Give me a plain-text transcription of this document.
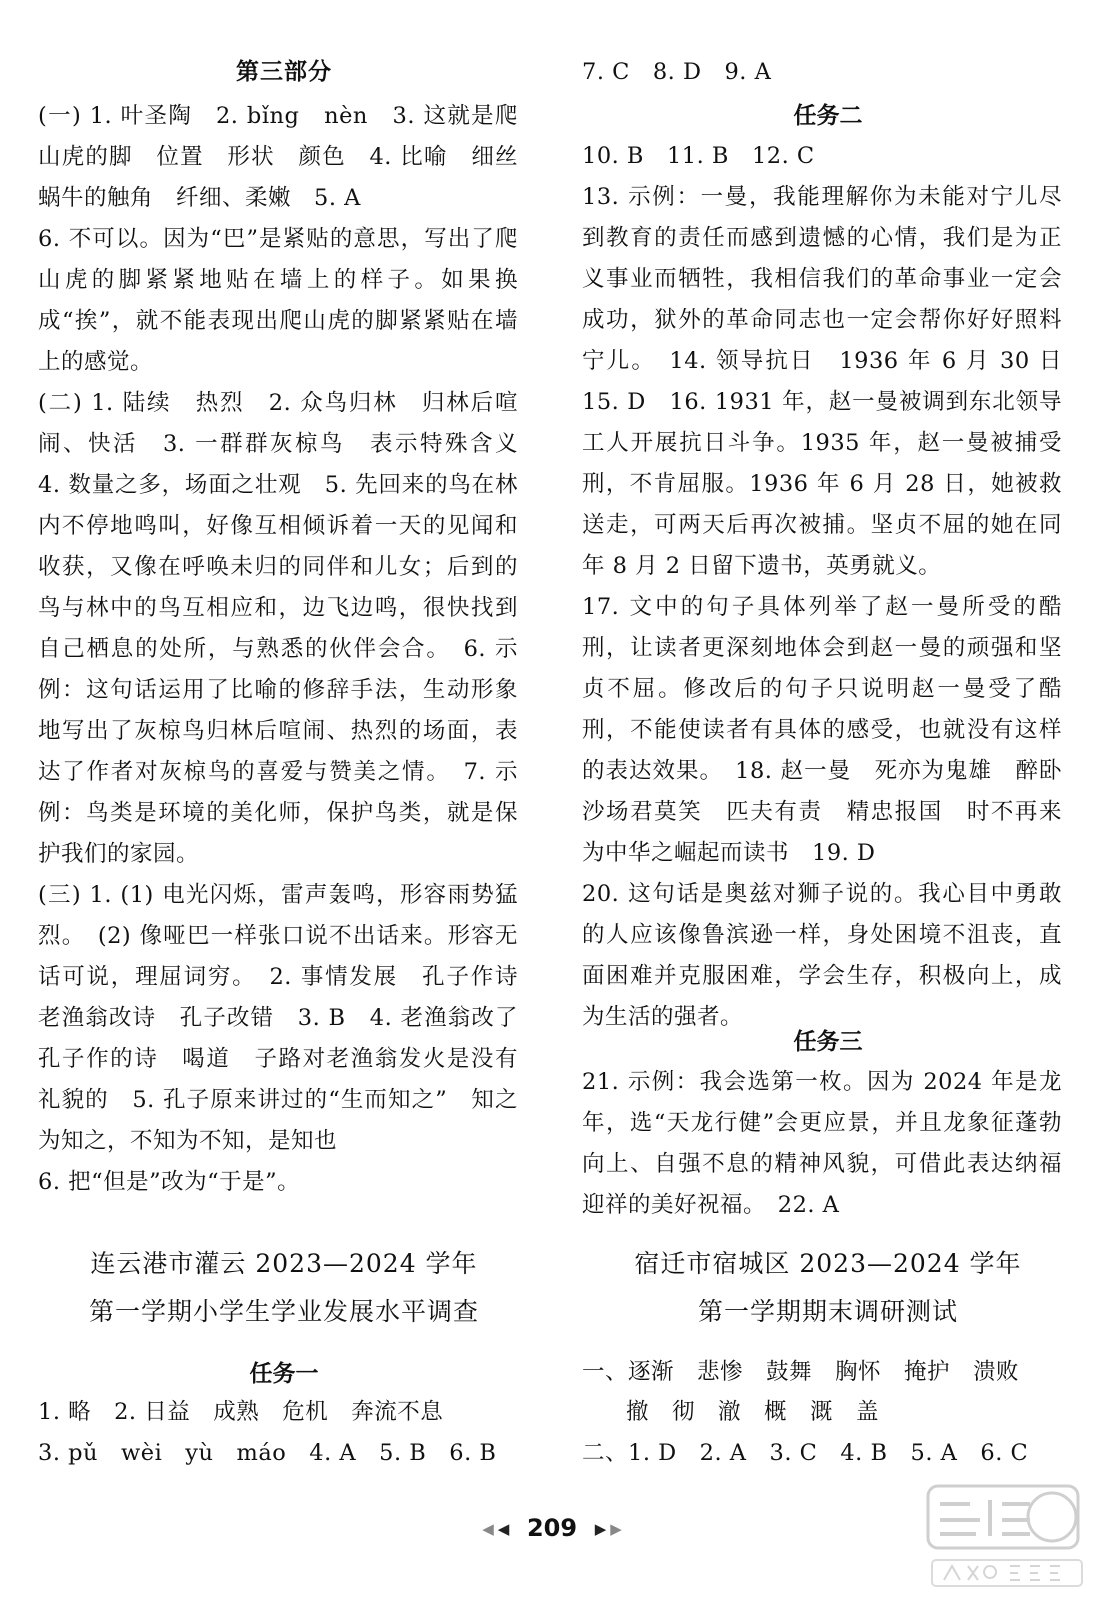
第三部分

(一) 1. 叶圣陶　2. bǐng　nèn　3. 这就是爬山虎的脚　位置　形状　颜色　4. 比喻　细丝　蜗牛的触角　纤细、柔嫩　5. A

6. 不可以。因为“巴”是紧贴的意思，写出了爬山虎的脚紧紧地贴在墙上的样子。如果换成“挨”，就不能表现出爬山虎的脚紧紧贴在墙上的感觉。

(二) 1. 陆续　热烈　2. 众鸟归林　归林后喧闹、快活　3. 一群群灰椋鸟　表示特殊含义　4. 数量之多，场面之壮观　5. 先回来的鸟在林内不停地鸣叫，好像互相倾诉着一天的见闻和收获，又像在呼唤未归的同伴和儿女；后到的鸟与林中的鸟互相应和，边飞边鸣，很快找到自己栖息的处所，与熟悉的伙伴会合。　6. 示例：这句话运用了比喻的修辞手法，生动形象地写出了灰椋鸟归林后喧闹、热烈的场面，表达了作者对灰椋鸟的喜爱与赞美之情。　7. 示例：鸟类是环境的美化师，保护鸟类，就是保护我们的家园。

(三) 1. (1) 电光闪烁，雷声轰鸣，形容雨势猛烈。　(2) 像哑巴一样张口说不出话来。形容无话可说，理屈词穷。　2. 事情发展　孔子作诗　老渔翁改诗　孔子改错　3. B　4. 老渔翁改了孔子作的诗　喝道　子路对老渔翁发火是没有礼貌的　5. 孔子原来讲过的“生而知之”　知之为知之，不知为不知，是知也

6. 把“但是”改为“于是”。

连云港市灌云 2023—2024 学年

第一学期小学生学业发展水平调查

任务一

1. 略　2. 日益　成熟　危机　奔流不息

3. pǔ　wèi　yù　máo　4. A　5. B　6. B

7. C　8. D　9. A

任务二

10. B　11. B　12. C

13. 示例：一曼，我能理解你为未能对宁儿尽到教育的责任而感到遗憾的心情，我们是为正义事业而牺牲，我相信我们的革命事业一定会成功，狱外的革命同志也一定会帮你好好照料宁儿。　14. 领导抗日　1936 年 6 月 30 日　15. D　16. 1931 年，赵一曼被调到东北领导工人开展抗日斗争。1935 年，赵一曼被捕受刑，不肯屈服。1936 年 6 月 28 日，她被救送走，可两天后再次被捕。坚贞不屈的她在同年 8 月 2 日留下遗书，英勇就义。

17. 文中的句子具体列举了赵一曼所受的酷刑，让读者更深刻地体会到赵一曼的顽强和坚贞不屈。修改后的句子只说明赵一曼受了酷刑，不能使读者有具体的感受，也就没有这样的表达效果。　18. 赵一曼　死亦为鬼雄　醉卧沙场君莫笑　匹夫有责　精忠报国　时不再来　为中华之崛起而读书　19. D

20. 这句话是奥兹对狮子说的。我心目中勇敢的人应该像鲁滨逊一样，身处困境不沮丧，直面困难并克服困难，学会生存，积极向上，成为生活的强者。

任务三

21. 示例：我会选第一枚。因为 2024 年是龙年，选“天龙行健”会更应景，并且龙象征蓬勃向上、自强不息的精神风貌，可借此表达纳福迎祥的美好祝福。　22. A

宿迁市宿城区 2023—2024 学年

第一学期期末调研测试

一、逐渐　悲惨　鼓舞　胸怀　掩护　溃败

撤　彻　澈　概　溉　盖

二、1. D　2. A　3. C　4. B　5. A　6. C

◀ ◀ 209 ▶ ▶
